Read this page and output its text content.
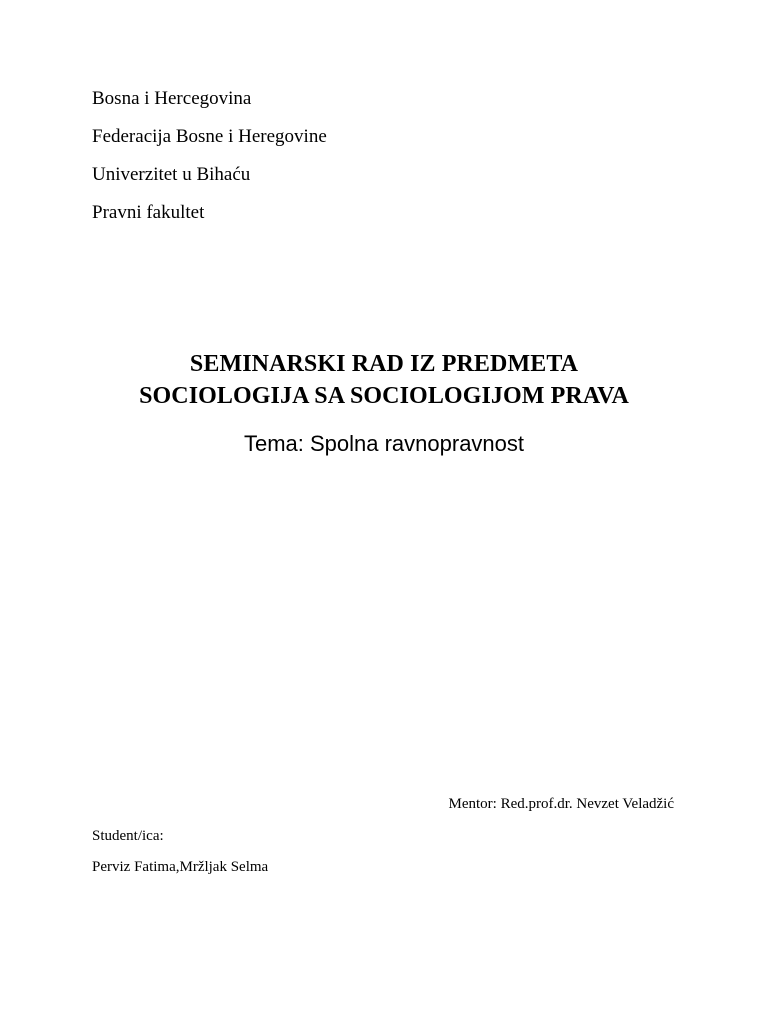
Bosna i Hercegovina
Federacija Bosne i Heregovine
Univerzitet u Bihaću
Pravni fakultet
SEMINARSKI RAD IZ PREDMETA
SOCIOLOGIJA SA SOCIOLOGIJOM PRAVA
Tema: Spolna ravnopravnost
Mentor: Red.prof.dr. Nevzet Veladžić
Student/ica:
Perviz Fatima,Mržljak Selma
